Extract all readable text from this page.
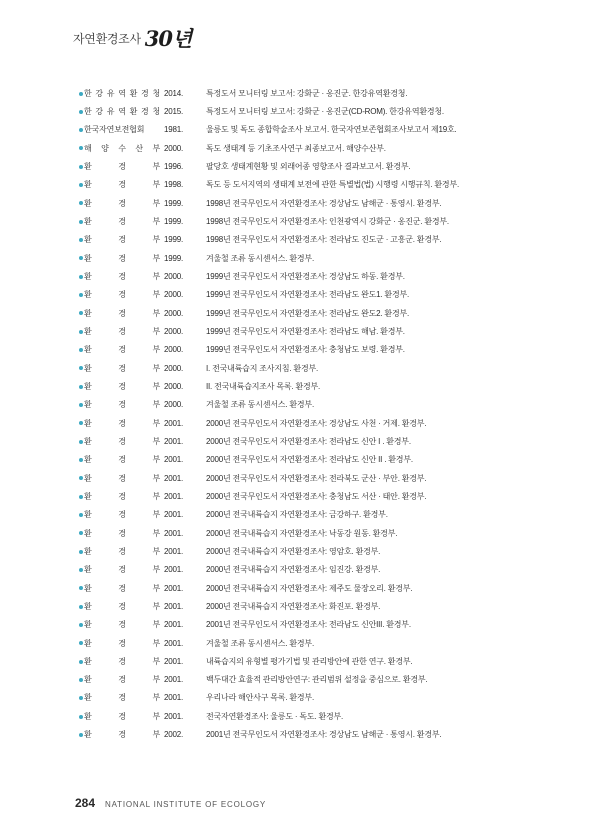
자연환경조사 30년
한 강 유 역 환 경 청 2014.	특정도서 모니터링 보고서: 강화군 · 옹진군. 한강유역환경청.
한 강 유 역 환 경 청 2015.	특정도서 모니터링 보고서: 강화군 · 옹진군(CD-ROM). 한강유역환경청.
한국자연보전협회	1981.	울릉도 및 독도 종합학술조사 보고서. 한국자연보존협회조사보고서 제19호.
해 양 수 산 부 2000.	독도 생태계 등 기초조사연구 최종보고서. 해양수산부.
환	경	부 1996.	팔당호 생태계현황 및 외래어종 영향조사 결과보고서. 환경부.
환	경	부 1998.	독도 등 도서지역의 생태계 보전에 관한 특별법(법) 시행령 시행규칙. 환경부.
환	경	부 1999.	1998년 전국무인도서 자연환경조사: 경상남도 남해군 · 통영시. 환경부.
환	경	부 1999.	1998년 전국무인도서 자연환경조사: 인천광역시 강화군 · 옹진군. 환경부.
환	경	부 1999.	1998년 전국무인도서 자연환경조사: 전라남도 진도군 · 고흥군. 환경부.
환	경	부 1999.	겨울철 조류 동시센서스. 환경부.
환	경	부 2000.	1999년 전국무인도서 자연환경조사: 경상남도 하동. 환경부.
환	경	부 2000.	1999년 전국무인도서 자연환경조사: 전라남도 완도1. 환경부.
환	경	부 2000.	1999년 전국무인도서 자연환경조사: 전라남도 완도2. 환경부.
환	경	부 2000.	1999년 전국무인도서 자연환경조사: 전라남도 해남. 환경부.
환	경	부 2000.	1999년 전국무인도서 자연환경조사: 충청남도 보령. 환경부.
환	경	부 2000.	I. 전국내륙습지 조사지침. 환경부.
환	경	부 2000.	II. 전국내륙습지조사 목록. 환경부.
환	경	부 2000.	겨울철 조류 동시센서스. 환경부.
환	경	부 2001.	2000년 전국무인도서 자연환경조사: 경상남도 사천 · 거제. 환경부.
환	경	부 2001.	2000년 전국무인도서 자연환경조사: 전라남도 신안 I . 환경부.
환	경	부 2001.	2000년 전국무인도서 자연환경조사: 전라남도 신안 II . 환경부.
환	경	부 2001.	2000년 전국무인도서 자연환경조사: 전라북도 군산 · 부안. 환경부.
환	경	부 2001.	2000년 전국무인도서 자연환경조사: 충청남도 서산 · 태안. 환경부.
환	경	부 2001.	2000년 전국내륙습지 자연환경조사: 금강하구. 환경부.
환	경	부 2001.	2000년 전국내륙습지 자연환경조사: 낙동강 원동. 환경부.
환	경	부 2001.	2000년 전국내륙습지 자연환경조사: 영암호. 환경부.
환	경	부 2001.	2000년 전국내륙습지 자연환경조사: 임진강. 환경부.
환	경	부 2001.	2000년 전국내륙습지 자연환경조사: 제주도 물장오리. 환경부.
환	경	부 2001.	2000년 전국내륙습지 자연환경조사: 화진포. 환경부.
환	경	부 2001.	2001년 전국무인도서 자연환경조사: 전라남도 신안III. 환경부.
환	경	부 2001.	겨울철 조류 동시센서스. 환경부.
환	경	부 2001.	내륙습지의 유형별 평가기법 및 관리방안에 관한 연구. 환경부.
환	경	부 2001.	백두대간 효율적 관리방안연구: 관리범위 설정을 중심으로. 환경부.
환	경	부 2001.	우리나라 해안사구 목록. 환경부.
환	경	부 2001.	전국자연환경조사: 울릉도 · 독도. 환경부.
환	경	부 2002.	2001년 전국무인도서 자연환경조사: 경상남도 남해군 · 통영시. 환경부.
284 NATIONAL INSTITUTE OF ECOLOGY
